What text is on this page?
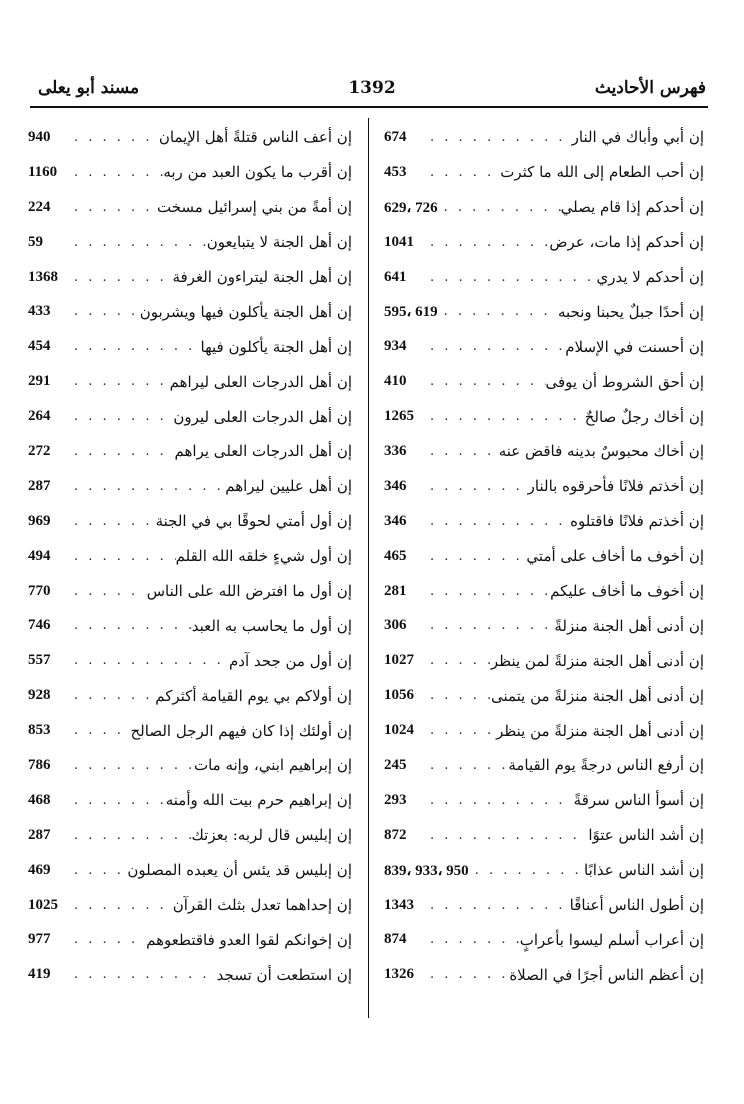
فهرس الأحاديث
1392
مسند أبو يعلى
إن أبي وأباك في النار
. . .
674
إن أحب الطعام إلى الله ما كثرت
. . .
453
إن أحدكم إذا قام يصلي
. . .
629، 726
إن أحدكم إذا مات، عرض
. . .
1041
إن أحدكم لا يدري
. . .
641
إن أحدًا جبلٌ يحبنا ونحبه
. . .
595، 619
إن أحسنت في الإسلام
. . .
934
إن أحق الشروط أن يوفى
. . .
410
إن أخاك رجلٌ صالحٌ
. . .
1265
إن أخاك محبوسٌ بدينه فاقض عنه
. . .
336
إن أخذتم فلانًا فأحرقوه بالنار
. . .
346
إن أخذتم فلانًا فاقتلوه
. . .
346
إن أخوف ما أخاف على أمتي
. . .
465
إن أخوف ما أخاف عليكم
. . .
281
إن أدنى أهل الجنة منزلةً
. . .
306
إن أدنى أهل الجنة منزلةً لمن ينظر
. . .
1027
إن أدنى أهل الجنة منزلةً من يتمنى
. . .
1056
إن أدنى أهل الجنة منزلةً من ينظر
. . .
1024
إن أرفع الناس درجةً يوم القيامة
. . .
245
إن أسوأ الناس سرقةً
. . .
293
إن أشد الناس عتوًا
. . .
872
إن أشد الناس عذابًا
. . .
839، 933، 950
إن أطول الناس أعناقًا
. . .
1343
إن أعراب أسلم ليسوا بأعرابٍ
. . .
874
إن أعظم الناس أجرًا في الصلاة
. . .
1326
إن أعف الناس قتلةً أهل الإيمان
. . .
940
إن أقرب ما يكون العبد من ربه
. . .
1160
إن أمةً من بني إسرائيل مسخت
. . .
224
إن أهل الجنة لا يتبايعون
. . .
59
إن أهل الجنة ليتراءون الغرفة
. . .
1368
إن أهل الجنة يأكلون فيها ويشربون
. . .
433
إن أهل الجنة يأكلون فيها
. . .
454
إن أهل الدرجات العلى ليراهم
. . .
291
إن أهل الدرجات العلى ليرون
. . .
264
إن أهل الدرجات العلى يراهم
. . .
272
إن أهل عليين ليراهم
. . .
287
إن أول أمتي لحوقًا بي في الجنة
. . .
969
إن أول شيءٍ خلقه الله القلم
. . .
494
إن أول ما افترض الله على الناس
. . .
770
إن أول ما يحاسب به العبد
. . .
746
إن أول من جحد آدم
. . .
557
إن أولاكم بي يوم القيامة أكثركم
. . .
928
إن أولئك إذا كان فيهم الرجل الصالح
. . .
853
إن إبراهيم ابني، وإنه مات
. . .
786
إن إبراهيم حرم بيت الله وأمنه
. . .
468
إن إبليس قال لربه: بعزتك
. . .
287
إن إبليس قد يئس أن يعبده المصلون
. . .
469
إن إحداهما تعدل بثلث القرآن
. . .
1025
إن إخوانكم لقوا العدو فاقتطعوهم
. . .
977
إن استطعت أن تسجد
. . .
419
